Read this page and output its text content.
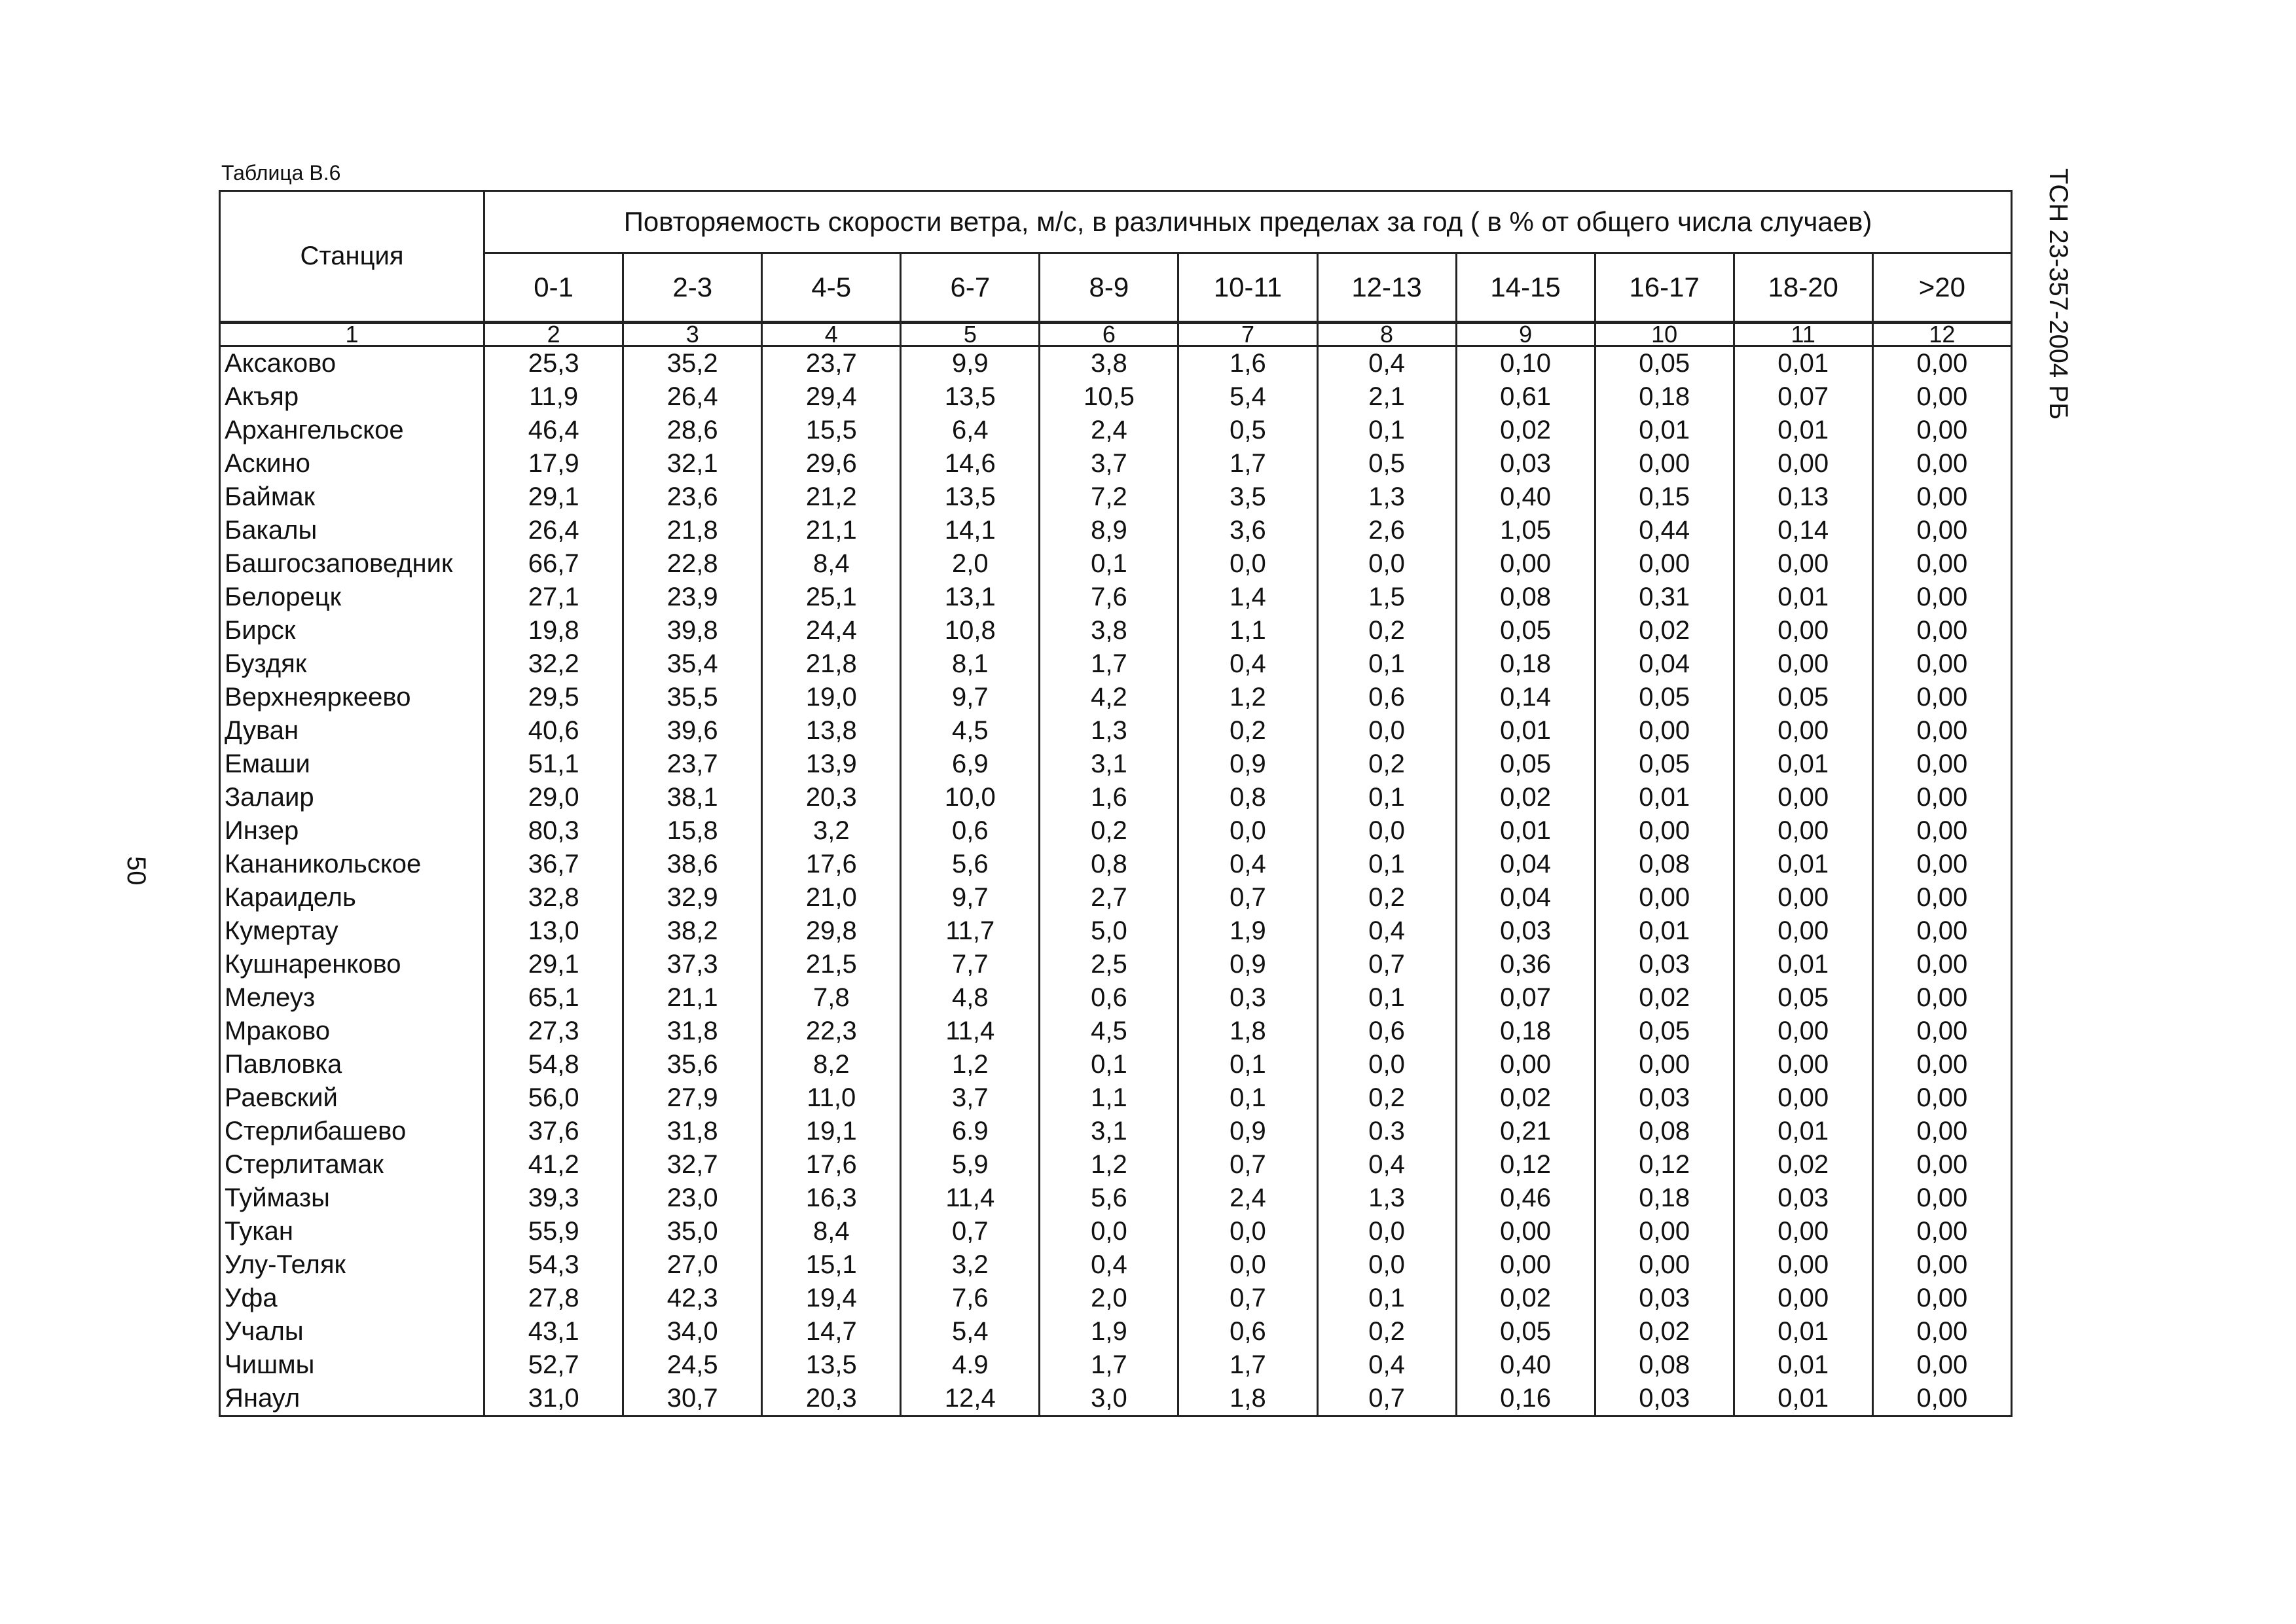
Таблица В.6	ТСН 23-357-2004 РБ
50
Станция	Повторяемость скорости ветра, м/с, в различных пределах за год ( в % от общего числа случаев)										
	0-1	2-3	4-5	6-7	8-9	10-11	12-13	14-15	16-17	18-20	>20
1	2	3	4	5	6	7	8	9	10	11	12
Аксаково	25,3	35,2	23,7	9,9	3,8	1,6	0,4	0,10	0,05	0,01	0,00
Акъяр	11,9	26,4	29,4	13,5	10,5	5,4	2,1	0,61	0,18	0,07	0,00
Архангельское	46,4	28,6	15,5	6,4	2,4	0,5	0,1	0,02	0,01	0,01	0,00
Аскино	17,9	32,1	29,6	14,6	3,7	1,7	0,5	0,03	0,00	0,00	0,00
Баймак	29,1	23,6	21,2	13,5	7,2	3,5	1,3	0,40	0,15	0,13	0,00
Бакалы	26,4	21,8	21,1	14,1	8,9	3,6	2,6	1,05	0,44	0,14	0,00
Башгосзаповедник	66,7	22,8	8,4	2,0	0,1	0,0	0,0	0,00	0,00	0,00	0,00
Белорецк	27,1	23,9	25,1	13,1	7,6	1,4	1,5	0,08	0,31	0,01	0,00
Бирск	19,8	39,8	24,4	10,8	3,8	1,1	0,2	0,05	0,02	0,00	0,00
Буздяк	32,2	35,4	21,8	8,1	1,7	0,4	0,1	0,18	0,04	0,00	0,00
Верхнеяркеево	29,5	35,5	19,0	9,7	4,2	1,2	0,6	0,14	0,05	0,05	0,00
Дуван	40,6	39,6	13,8	4,5	1,3	0,2	0,0	0,01	0,00	0,00	0,00
Емаши	51,1	23,7	13,9	6,9	3,1	0,9	0,2	0,05	0,05	0,01	0,00
Залаир	29,0	38,1	20,3	10,0	1,6	0,8	0,1	0,02	0,01	0,00	0,00
Инзер	80,3	15,8	3,2	0,6	0,2	0,0	0,0	0,01	0,00	0,00	0,00
Кананикольское	36,7	38,6	17,6	5,6	0,8	0,4	0,1	0,04	0,08	0,01	0,00
Караидель	32,8	32,9	21,0	9,7	2,7	0,7	0,2	0,04	0,00	0,00	0,00
Кумертау	13,0	38,2	29,8	11,7	5,0	1,9	0,4	0,03	0,01	0,00	0,00
Кушнаренково	29,1	37,3	21,5	7,7	2,5	0,9	0,7	0,36	0,03	0,01	0,00
Мелеуз	65,1	21,1	7,8	4,8	0,6	0,3	0,1	0,07	0,02	0,05	0,00
Мраково	27,3	31,8	22,3	11,4	4,5	1,8	0,6	0,18	0,05	0,00	0,00
Павловка	54,8	35,6	8,2	1,2	0,1	0,1	0,0	0,00	0,00	0,00	0,00
Раевский	56,0	27,9	11,0	3,7	1,1	0,1	0,2	0,02	0,03	0,00	0,00
Стерлибашево	37,6	31,8	19,1	6.9	3,1	0,9	0.3	0,21	0,08	0,01	0,00
Стерлитамак	41,2	32,7	17,6	5,9	1,2	0,7	0,4	0,12	0,12	0,02	0,00
Туймазы	39,3	23,0	16,3	11,4	5,6	2,4	1,3	0,46	0,18	0,03	0,00
Тукан	55,9	35,0	8,4	0,7	0,0	0,0	0,0	0,00	0,00	0,00	0,00
Улу-Теляк	54,3	27,0	15,1	3,2	0,4	0,0	0,0	0,00	0,00	0,00	0,00
Уфа	27,8	42,3	19,4	7,6	2,0	0,7	0,1	0,02	0,03	0,00	0,00
Учалы	43,1	34,0	14,7	5,4	1,9	0,6	0,2	0,05	0,02	0,01	0,00
Чишмы	52,7	24,5	13,5	4.9	1,7	1,7	0,4	0,40	0,08	0,01	0,00
Янаул	31,0	30,7	20,3	12,4	3,0	1,8	0,7	0,16	0,03	0,01	0,00
